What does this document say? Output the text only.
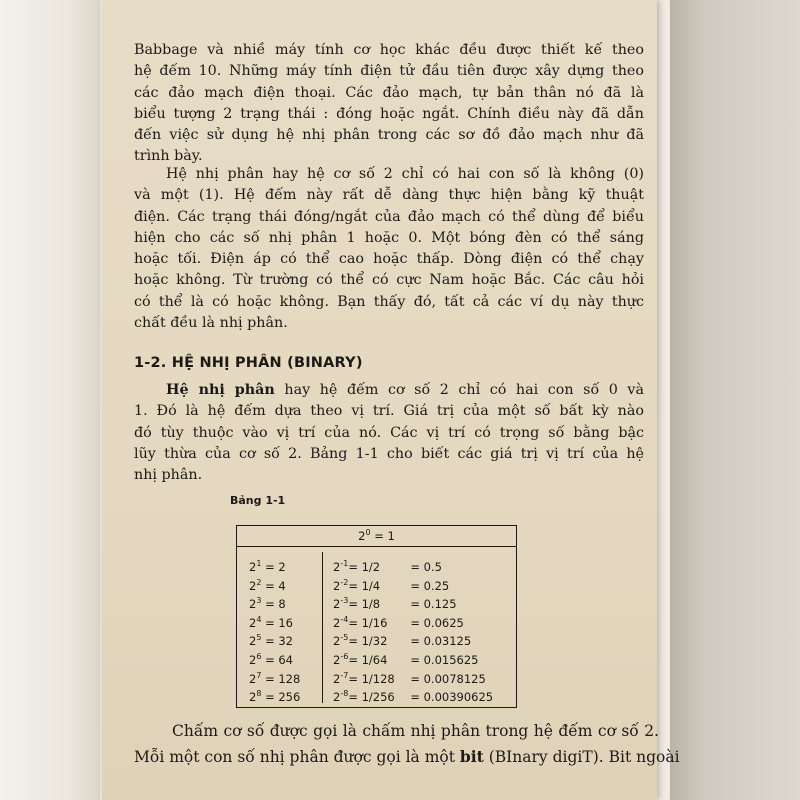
Babbage và nhiề máy tính cơ học khác đều được thiết kế theo
hệ đếm 10. Những máy tính điện tử đầu tiên được xây dựng theo
các đảo mạch điện thoại. Các đảo mạch, tự bản thân nó đã là
biểu tượng 2 trạng thái : đóng hoặc ngắt. Chính điều này đã dẫn
đến việc sử dụng hệ nhị phân trong các sơ đồ đảo mạch như đã
trình bày.

Hệ nhị phân hay hệ cơ số 2 chỉ có hai con số là không (0)
và một (1). Hệ đếm này rất dễ dàng thực hiện bằng kỹ thuật
điện. Các trạng thái đóng/ngắt của đảo mạch có thể dùng để biểu
hiện cho các số nhị phân 1 hoặc 0. Một bóng đèn có thể sáng
hoặc tối. Điện áp có thể cao hoặc thấp. Dòng điện có thể chạy
hoặc không. Từ trường có thể có cực Nam hoặc Bắc. Các câu hỏi
có thể là có hoặc không. Bạn thấy đó, tất cả các ví dụ này thực
chất đều là nhị phân.

1-2. HỆ NHỊ PHÂN (BINARY)

Hệ nhị phân hay hệ đếm cơ số 2 chỉ có hai con số 0 và
1. Đó là hệ đếm dựa theo vị trí. Giá trị của một số bất kỳ nào
đó tùy thuộc vào vị trí của nó. Các vị trí có trọng số bằng bậc
lũy thừa của cơ số 2. Bảng 1-1 cho biết các giá trị vị trí của hệ
nhị phân.

Bảng 1-1
$2^0 = 1$
$2^1 = 2$	$2^{-1}= 1/2$	= 0.5
$2^2 = 4$	$2^{-2}= 1/4$	= 0.25
$2^3 = 8$	$2^{-3}= 1/8$	= 0.125
$2^4 = 16$	$2^{-4}= 1/16 = 0.0625$
$2^5 = 32$	$2^{-5}= 1/32 = 0.03125$
$2^6 = 64$	$2^{-6}= 1/64 = 0.015625$
$2^7 = 128$	$2^{-7}= 1/128 = 0.0078125$
$2^8 = 256$	$2^{-8}= 1/256 = 0.00390625$
Chấm cơ số được gọi là chấm nhị phân trong hệ đếm cơ số 2.
Mỗi một con số nhị phân được gọi là một bit (BInary digiT). Bit ngoài
